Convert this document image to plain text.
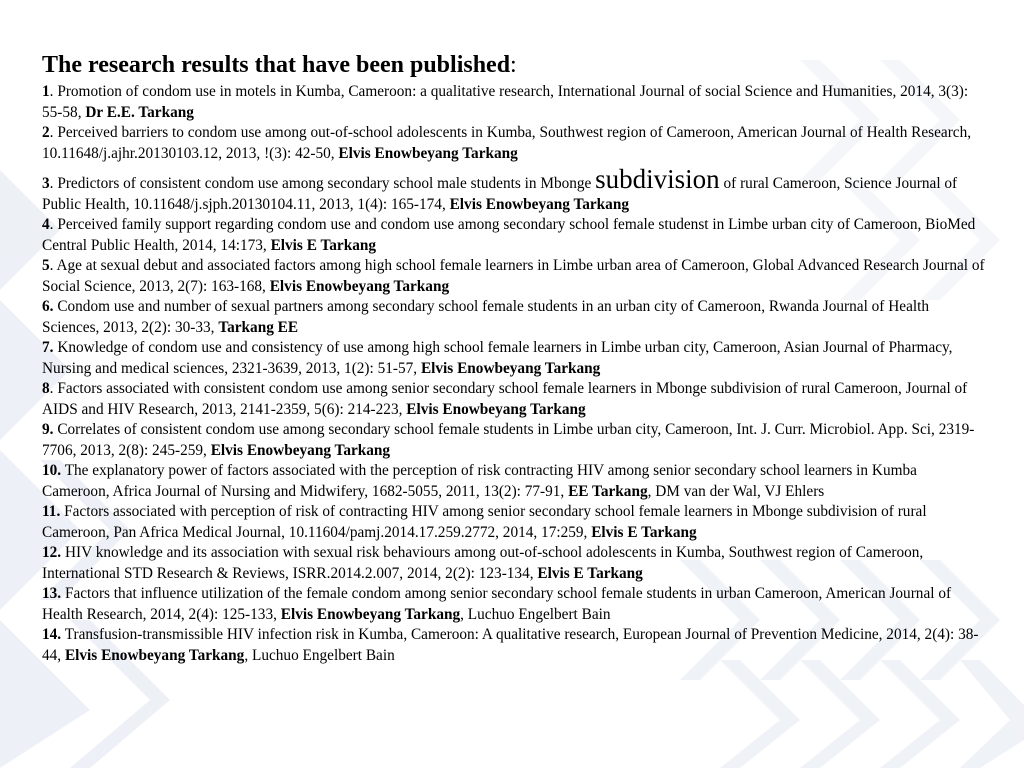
The research results that have been published:

1. Promotion of condom use in motels in Kumba, Cameroon: a qualitative research, International Journal of social Science and Humanities, 2014, 3(3): 55-58, Dr E.E. Tarkang

2. Perceived barriers to condom use among out-of-school adolescents in Kumba, Southwest region of Cameroon, American Journal of Health Research, 10.11648/j.ajhr.20130103.12, 2013, !(3): 42-50, Elvis Enowbeyang Tarkang

3. Predictors of consistent condom use among secondary school male students in Mbonge subdivision of rural Cameroon, Science Journal of Public Health, 10.11648/j.sjph.20130104.11, 2013, 1(4): 165-174, Elvis Enowbeyang Tarkang

4. Perceived family support regarding condom use and condom use among secondary school female studenst in Limbe urban city of Cameroon, BioMed Central Public Health, 2014, 14:173, Elvis E Tarkang

5. Age at sexual debut and associated factors among high school female learners in Limbe urban area of Cameroon, Global Advanced Research Journal of Social Science, 2013, 2(7): 163-168, Elvis Enowbeyang Tarkang

6. Condom use and number of sexual partners among secondary school female students in an urban city of Cameroon, Rwanda Journal of Health Sciences, 2013, 2(2): 30-33, Tarkang EE

7. Knowledge of condom use and consistency of use among high school female learners in Limbe urban city, Cameroon, Asian Journal of Pharmacy, Nursing and medical sciences, 2321-3639, 2013, 1(2): 51-57, Elvis Enowbeyang Tarkang

8. Factors associated with consistent condom use among senior secondary school female learners in Mbonge subdivision of rural Cameroon, Journal of AIDS and HIV Research, 2013, 2141-2359, 5(6): 214-223, Elvis Enowbeyang Tarkang

9. Correlates of consistent condom use among secondary school female students in Limbe urban city, Cameroon, Int. J. Curr. Microbiol. App. Sci, 2319-7706, 2013, 2(8): 245-259, Elvis Enowbeyang Tarkang

10. The explanatory power of factors associated with the perception of risk contracting HIV among senior secondary school learners in Kumba Cameroon, Africa Journal of Nursing and Midwifery, 1682-5055, 2011, 13(2): 77-91, EE Tarkang, DM van der Wal, VJ Ehlers

11. Factors associated with perception of risk of contracting HIV among senior secondary school female learners in Mbonge subdivision of rural Cameroon, Pan Africa Medical Journal, 10.11604/pamj.2014.17.259.2772, 2014, 17:259, Elvis E Tarkang

12. HIV knowledge and its association with sexual risk behaviours among out-of-school adolescents in Kumba, Southwest region of Cameroon, International STD Research & Reviews, ISRR.2014.2.007, 2014, 2(2): 123-134, Elvis E Tarkang

13. Factors that influence utilization of the female condom among senior secondary school female students in urban Cameroon, American Journal of Health Research, 2014, 2(4): 125-133, Elvis Enowbeyang Tarkang, Luchuo Engelbert Bain

14. Transfusion-transmissible HIV infection risk in Kumba, Cameroon: A qualitative research, European Journal of Prevention Medicine, 2014, 2(4): 38-44, Elvis Enowbeyang Tarkang, Luchuo Engelbert Bain
